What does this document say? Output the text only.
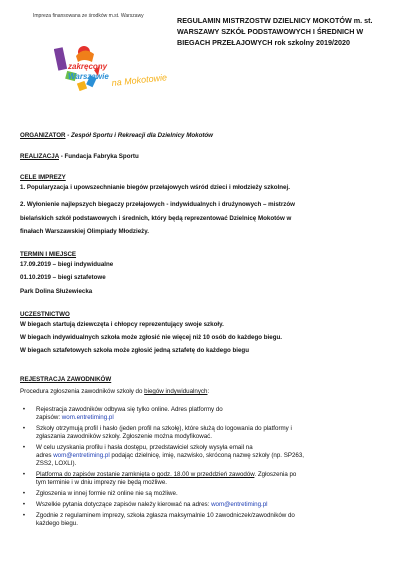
Impreza finansowana ze środków m.st. Warszawy
zakręcony
Warszawie na Mokotowie
REGULAMIN MISTRZOSTW DZIELNICY MOKOTÓW m. st.
WARSZAWY SZKÓŁ PODSTAWOWYCH I ŚREDNICH W
BIEGACH PRZEŁAJOWYCH rok szkolny 2019/2020
ORGANIZATOR - Zespół Sportu i Rekreacji dla Dzielnicy Mokotów
REALIZACJA - Fundacja Fabryka Sportu
CELE IMPREZY
1. Popularyzacja i upowszechnianie biegów przełajowych wśród dzieci i młodzieży szkolnej.
2. Wyłonienie najlepszych biegaczy przełajowych - indywidualnych i drużynowych – mistrzów
bielańskich szkół podstawowych i średnich, który będą reprezentować Dzielnicę Mokotów w
finałach Warszawskiej Olimpiady Młodzieży.
TERMIN I MIEJSCE
17.09.2019 – biegi indywidualne
01.10.2019 – biegi sztafetowe
Park Dolina Służewiecka
UCZESTNICTWO
W biegach startują dziewczęta i chłopcy reprezentujący swoje szkoły.
W biegach indywidualnych szkoła może zgłosić nie więcej niż 10 osób do każdego biegu.
W biegach sztafetowych szkoła może zgłosić jedną sztafetę do każdego biegu
REJESTRACJA ZAWODNIKÓW
Procedura zgłoszenia zawodników szkoły do biegów indywidualnych:
•	Rejestracja zawodników odbywa się tylko online. Adres platformy do
zapisów: wom.entretiming.pl
•	Szkoły otrzymują profil i hasło (jeden profil na szkołę), które służą do logowania do platformy i
zgłaszania zawodników szkoły. Zgłoszenie można modyfikować.
•	W celu uzyskania profilu i hasła dostępu, przedstawiciel szkoły wysyła email na
adres wom@entretiming.pl podając dzielnicę, imię, nazwisko, skróconą nazwę szkoły (np. SP263,
ZSS2, LOXLI).
•	Platforma do zapisów zostanie zamknięta o godz. 18.00 w przeddzień zawodów. Zgłoszenia po
tym terminie i w dniu imprezy nie będą możliwe.
•	Zgłoszenia w innej formie niż online nie są możliwe.
•	Wszelkie pytania dotyczące zapisów należy kierować na adres: wom@entretiming.pl
•	Zgodnie z regulaminem imprezy, szkoła zgłasza maksymalnie 10 zawodniczek/zawodników do
każdego biegu.
